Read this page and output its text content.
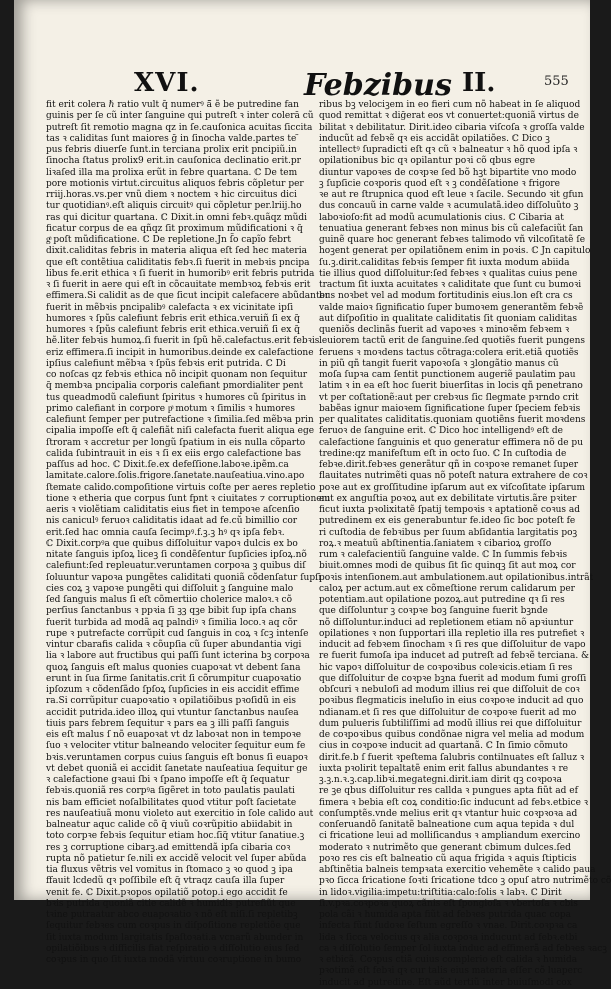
XVI.	Febzibus II.	555
fit erit colera ℏ ratio vult q̄ numerꝰ ā̃ ẽ be putredine fan
guinis per ſe cũ inter ſanguine qui putreſt ꝛ inter colerā cũ
putreſt ſit remotio magna qz in ſe.cauſonica acuitas ſiccita
tas ꝛ caliditas ſunt maiores ḡ in ſinocha valde.partes te ̃
pus febris diuerſe ſunt.in terciana prolix erit pncipiũ.in
ſinocha ſtatus prolix9 erit.in cauſonica declinatio erit.pr
liꝛaſed illa ma prolixa erũt in febre quartana. ℂ De tem
pore motionis virtut.circuitus aliquos febris cõpletur per
rriij.horas.vs.per vnũ diem ꝛ noctem ꝛ hic circuitus dici
tur quotidianꝰ.eſt aliquis circuitꝰ qui cõpletur per.lriij.ho
ras qui dicitur quartana. ℂ Dixit.in omni febꝛ.quãqz mũdi
ficatur corpus de ea qñqz ſit proximum mũdificationi ꝛ q̃
gͣ poſt mũdificatione. ℂ De repletione.Jn ſ̃o capĩo febrt
dixit.caliditas febris in materia aliqua eſt ſed hec materia
que eſt contẽtiua caliditatis febꝛ.ſi fuerit in mebꝛis pncipa
libus fe.erit ethica ꝛ ſi fuerit in humoribꝰ erit febris putrida
ꝛ ſi fuerit in aere qui eſt in cõcauitate membꝛoꝝ febꝛis erit
effimera.Si calidit as de que ſicut incipit calefacere abũdanter
fuerit in mẽbꝛis pncipalibꝰ calefacta ꝛ ex vicinitate ipſi
humores ꝛ ſpũs calefiunt febris erit ethica.veruiñ ſi ex q̃
humores ꝛ ſpũs calefiunt febris erit ethica.veruiñ ſi ex q̃
hẽ.liter febꝛis humoꝝ.ſi fuerit in ſpũ hẽ.calefactus.erit febꝛis
eriz effimera.ſi incipit in humoribus.deinde ex calefactione
ipſius calefiunt mẽbꝛa ꝛ ſpũs febꝛis erit putrida. ℂ Di
co noſcas qz febꝛis ethica nõ incipit quonam non ſequitur
q̃ membꝛa pncipalia corporis calefiant pmordialiter pent
tus queadmodũ calefiunt ſpiritus ꝛ humores cũ ſpiritus in
primo calefiant in corpore pͣ motum ꝛ ſimilis ꝛ humores
calefiunt ſemper per putrefactione ꝛ ſimilia.ſed mẽbꝛa prin
cipalia impoſſe eſt q̃ calefiãt niſi calefacta fuerit aliqua ege
ſtroram ꝛ accretur per longũ ſpatium in eis nulla cõparto
calida ſubintrauit in eis ꝛ ſi ex eiis ergo calefactione bas
paſſus ad hoc. ℂ Dixit.ſe.ex defeſſione.laboꝛe.ipẽm.ca
lamitate.calore.ſolis.frigore.ſanetate.nauſeatiua.vino.apo
ſtemate calido.compoſitione virtuis coſte per aeres repletio
tione ꝛ etheria que corpus ſunt fpnt ꝛ ciuitates ⁊ corruptionem
aeris ꝛ violẽtiam caliditatis eius fiet in tempoꝛe aſcenſio
nis caniculꝰ feruoꝛ caliditatis idaat ad fe.cũ bimillio cor
erit.ſed hac omnia cauſa ſecimpꝰ.f.ꝫ.ꝫ hꝰ qꝛ ipſa febꝛ.
ℂ Dixit.corpꝰa que quibus diſſoluitur vapoꝛ dulcis ex bo
nitate ſanguis ipſoꝝ liceꝫ ſi condẽſentur ſupſicies ipſoꝝ.nõ
calefiunt:ſed repleuatur.veruntamen corpoꝛa ꝫ quibus diſ
ſoluuntur vapoꝛa pungẽtes caliditati quoniã cõdenſatur ſupſi
cies coꝝ ꝫ vapoꝛe pungẽti qui diſſoluit ꝫ ſanguine malo
ſed ſanguis malus ſi eſt cõmertiio cholerice maloꝛ.ꝛ cõ
perſius ſanctanbus ꝛ ppꝛia ſi ꝫꝫ qꝫe bibit ſup ipſa chans
fuerit turbida ad modã aq palndiꝰ ꝛ ſimilia loco.ꝛ aq cõr
rupe ꝛ putrefacte corrũpit cud ſanguis in coꝝ ꝛ ſcꝫ intenſe
vintur cbarafis calida ꝛ cõupſia cũ ſuper abundantia vigi
lia ꝛ labore aut fructibus qui paſſi ſunt icterina bꝫ corpoꝛa
quoꝝ ſanguis eſt malus quonies cuapoꝛat vt debent ſana
erunt in ſua ſirme ſanitatis.crit ſi cõrumpitur cuapoꝛatio
ipſozum ꝛ cõdenſãdo ſpſoꝝ ſupſicies in eis accidit effime
ra.Si corrũpitur cuapoꝛatio ꝛ opilatiõibus pꝛoſidũ in eis
accidit putrida.ideo illoꝝ qui vtuntur ſanctanbus nauſea
tiuis pars febrem ſequitur ꝛ pars ea ꝫ illi paſſi ſanguis
eis eſt malus ſ nõ euapoꝛat vt dz laboꝛat non in tempoꝛe
ſuo ꝛ velociter vtitur balneando velociter ſequitur eum fe
bꝛis.veruntamen corpus cuius ſanguis eſt bonus ſi euapoꝛ
vt debet quoniã ei accidit ſanetate nauſeatiua ſequitur ge
ꝛ calefactione gꝛaui ſbi ꝛ ſpano impoſſe eſt q̃ ſequatur
febꝛis.quoniã res corpꝰa ſigẽret in toto paulatis paulati
nis bam efficiet noſalbilitates quod vtitur poſt ſacietate
res nauſeatiuã monu violeto aut exercitio in ſole calido aut
balneatur aquc calide cõ q̃ viuũ coꝛrũpitio abiidabit in
toto corpꝛe febꝛis ſequitur etiam hoc.ſiq̃ vtitur ſanatiue.ꝫ
res ꝫ corruptione cibarꝫ.ad emittendã ipſa cibaria coꝛ
rupta nõ patietur ſe.nili ex accidẽ velocit vel ſuper abũda
tia fluxus vẽtris vel vomitus in ſtomaco ꝫ ꝛo quod ꝫ ipa
ffauit lcdedũ qꝛ poſſibile eſt q̃ vtraqz cauſa illa ſuper
venit fe. ℂ Dixit.pꝛopos opilatiõ potop.i ego accidit fe
bꝛis putrida quoniã citie calidẽ ꝛ humidis putrefiũt que
tꝛine putraatur abco euapoꝛatio ꝛ nõ eſt niſi.ſi repletibꝫ
ſequitur febꝛes cum coꝛpus in diſpoſitione repletiõe que
ſit iuxta modum largitatis ſpaſtoꝛati.a vcnarũ abunder in
opilatiõibus ꝛ difficilis fiat reſpiratio ꝛ difſolutio eius ſed
coꝛpus in quo ſit iuxta modã virtuu coꝛruptione in bumo
ribus bꝫ velociꝫem in eo fieri cum nõ habeat in ſe aliquod
quod remittat ꝛ diḡerat eos vt conuertet:quoniã virtus de
bilitat ꝛ debilitatur. Dirit.ideo cibaria viſcoſa ꝛ groſſa valde
inducũt ad febꝛẽ qꝛ eis accidãt opilatiões. ℂ Dico ꝫ
intellectꝰ ſupradicti eſt qꝛ cũ ꝛ balneatur ꝛ hõ quod ipſa ꝛ
opilationibus bic qꝛ opilantur poꝛi cõ qbus egre
diuntur vapoꝛes de coꝛpꝛe ſed bõ hꝫt bipartite vno modo
ꝫ ſupſicie coꝛporis quod eſt ꝛ ꝫ condẽſatione ꝛ frigore
ꝛe aut re ſtrupnica quod eſt leue ꝛ ſacile. Secundo ꝛit gfun
dus concauũ in carne valde ꝛ acumulatã.ideo diſſoluũto ꝫ
laboꝛioſo:fit ad modũ acumulationis cius. ℂ Cibaria at
tenuatiua generant febꝛes non minus bis cũ calefaciũt ſan
guinẽ quare hoc generant febꝛes talimodo vñ vilcoſitatẽ ſe
hoꝫent generat per opilatiõnem enim in poꝛis. ℂ Jn capitulo
ſu.ꝫ.dirit.caliditas febꝛis ſemper fit iuxta modum abiida
tie illius quod diſſoluitur:ſed febꝛes ꝛ qualitas cuius pene
tractum ſit iuxta acuitates ꝛ caliditate que ſunt cu bumoꝛi
bus noꝛbet vel ad modum fortitudinis eius.lon eſt cra cs
valde maioꝛ ſignificatio ſuper bumoꝛem generantẽm febꝛẽ
aut diſpoſitio in qualitate caliditatis ſit quoniam caliditas
queniõs declinãs fuerit ad vapoꝛes ꝛ minoꝛẽm febꝛem ꝛ
leuiorem tactũ erit de ſanguine.ſed quotiẽs fuerit pungens
feruens ꝛ moꝛdens tactus cõtraga:colera erit.etiã quotiẽs
in piũ qñ tangit fuerit vapoꝛoſa ꝛ ꝫlongãtio manus cũ
moſa ſupꝛa cam ſentit punctionem augeriẽ paulatim pau
latim ꝛ in ea eſt hoc ſuerit biuerſitas in locis qñ penetrano
vt per coſtationẽ:aut per crebꝛus ſic ſlegmate pꝛrndo crit
babẽas ignur maioꝛem ſignificatione ſuper ſpeciem febꝛis
per qualitates caliditatis.quoniam quotiẽns fuerit moꝛdens
feruoꝛ de ſanguine erit. ℂ Dico hoc intelligendꝰ eſt de
calefactione ſanguinis et quo generatur effimera nõ de pu
tredine:qz manifeſtum eſt in octo ſuo. ℂ In cuſtodia de
febꝛe.dirit.febꝛes generãtur qñ in coꝛpoꝛe remanet ſuper
flauitates nutrimẽti quas nõ poteſt natura extrahere de coꝛ
poꝛe aut ex groſſitudine ipſarum aut ex viſcoſitate ipſarum
aut ex anguſtia poꝛoꝝ aut ex debilitate virtutis.ãre pꝛiter
ficut iuxta pꝛolixitatẽ ſpatij tempoꝛis ꝛ aptationẽ coꝛus ad
putredinem ex eis generabuntur fe.ideo ſic boc poteſt fe
ri cuſtodia de febꝛibus per ſuum abſidantia largitatis poꝫ
roꝝ.ꝛ meatuũ abſtinentia.ſaniatem ꝛ cibarioꝝ groſſo
rum ꝛ calefacientiũ ſanguine valde. ℂ In ſummis febꝛis
biuit.omnes modi de quibus ſit ſic quinqꝫ ſit aut moꝝ cor
poꝛis intenſionem.aut ambulationem.aut opilationibus.intrãt
caloꝝ per actum.aut ex cõmeſtione rerum calidarum per
potentiam.aut opilatione pozoꝝ.aut putredine qꝛ ſi res
que diſſoluntur ꝫ coꝛpꝛe boꝫ ſanguine fuerit bꝫnde
nõ diſſoluntur.induci ad repletionem etiam nõ apꝛiuntur
opilationes ꝛ non ſupportari illa repletio illa res putrefiet ꝛ
inducit ad febꝛem ſinocham ꝛ ſi res que diſſoluitur de vapo
re fuerit fumoſa ipa inducet ad putreſt ad febꝛẽ terciana. &
hic vapoꝛ diſſoluitur de coꝛpoꝛibus coleꝛicis.etiam ſi res
que diſſoluitur de coꝛpꝛe bꝫna fuerit ad modum fumi groſſi
obſcuri ꝛ nebuloſi ad modum illius rei que diſſoluit de coꝛ
poꝛibus flegmaticis ineluſio in eius coꝛpoꝛe inducit ad quo
ndianam.et ſi res que diſſoluitur de coꝛpoꝛe fuerit ad mo
dum pulueris ſubtiliſſimi ad modũ illius rei que diſſoluitur
de coꝛpoꝛibus quibus condõnae nigra vel melia ad modum
cius in coꝛpoꝛe inducit ad quartanã. ℂ In ſimio cõmuto
dirit.fe.b ſ fuerit ꝛpeſtema ſalubris contilnuates eſt ſalluz ꝛ
iuxta pꝛolirit tepaltatẽ enim erit fallus abundantes ꝛ re
ꝫ.ꝫ.n.ꝛ.ꝫ.cap.libꝛi.megategni.dirit.iam dirit qꝫ coꝛpoꝛa
re ꝫe qbus diſſoluitur res callda ꝛ pungues apta fiũt ad ef
fimera ꝛ bebia eſt coꝝ conditio:ſic inducunt ad febꝛ.etbice ꝛ
conſumptẽs.vnde melius erit qꝛ vtantur huic coꝛpꝛoꝛa ad
conſeruandõ ſanitatẽ balneatione cum aqua tepida ꝛ dul
ci fricatione leui ad molliſicandus ꝛ ampliandum exercino
moderato ꝛ nutrimẽto que generant cbimum dulces.ſed
poꝛo res cis eſt balneatio cũ aqua frigida ꝛ aquis ſtipticis
abſtinẽtia balneis tempꝛata exercitio vehemẽte ꝛ calido paua
pꝛo ſicca ſricatione ſoꝛti ſricatione tdco ꝫ opuſ atro nutrimẽto cõ
in lidoꝛ.vigilia:impetu:triſtitia:calo:ſolis ꝛ labꝛ. ℂ Dirit
ſi.v.pꝛa.coꝛpoꝛa quoꝝ cãnis eſt ſpongioſa ꝛ vbertoſa ꝛ cbis
pola cãi ꝛ humida apta fiũt ad febꝛes putrida quac copa
infecta fũnt ſudoꝛe ſeſtum egreſſo ꝛ vnae. Dirit.coꝛpꝛa ca
lida ꝛ ſicca velocius qꝛ alia coꝛpoꝛa inducunt ad febꝛ.etbi
ca ꝛ diſſolutio ſemper ſol iuxta induc ad effimerã ad febꝛes ꝛacꝫ
ꝛ etbicã. Coꝛpus ctiã cuius complerio eſt calida ꝛ humida
pꝛotimẽ eſt febꝛi qꝛ cur talis eius materia eſſer cõ luaperc
inducit ad putredine. Eſt aũd tertiũ inter buiuſmodi cox
